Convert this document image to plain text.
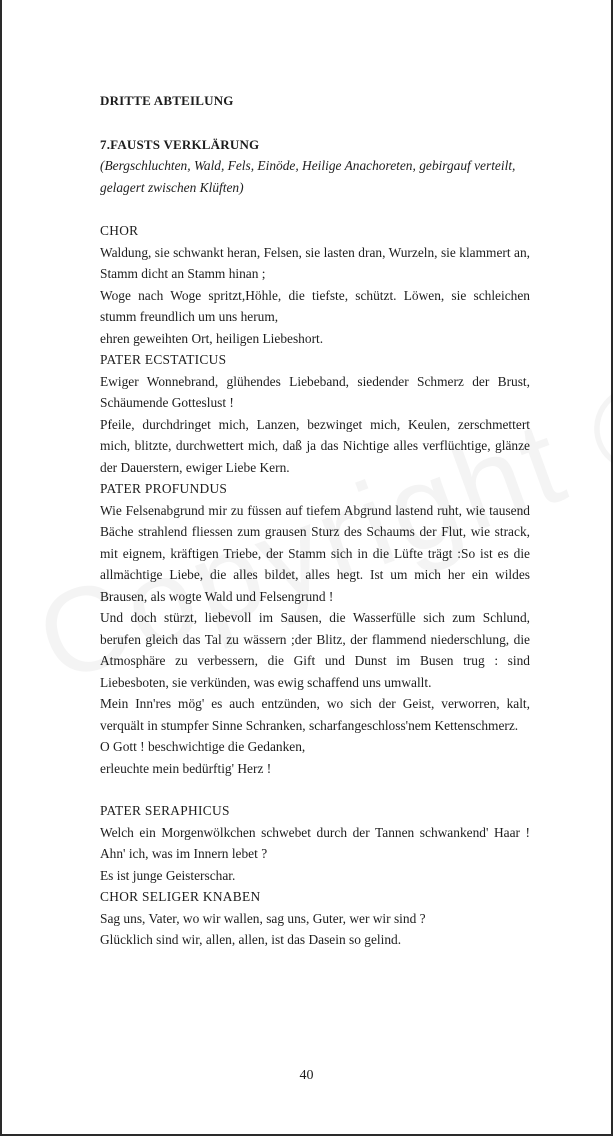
DRITTE ABTEILUNG

7.FAUSTS VERKLÄRUNG

(Bergschluchten, Wald, Fels, Einöde, Heilige Anachoreten, gebirgauf verteilt, gelagert zwischen Klüften)

CHOR

Waldung, sie schwankt heran, Felsen, sie lasten dran, Wurzeln, sie klammert an, Stamm dicht an Stamm hinan ;

Woge nach Woge spritzt,Höhle, die tiefste, schützt. Löwen, sie schleichen stumm freundlich um uns herum,

ehren geweihten Ort, heiligen Liebeshort.

PATER ECSTATICUS

Ewiger Wonnebrand, glühendes Liebeband, siedender Schmerz der Brust, Schäumende Gotteslust !

Pfeile, durchdringet mich, Lanzen, bezwinget mich, Keulen, zerschmettert mich, blitzte, durchwettert mich, daß ja das Nichtige alles verflüchtige, glänze der Dauerstern, ewiger Liebe Kern.

PATER PROFUNDUS

Wie Felsenabgrund mir zu füssen auf tiefem Abgrund lastend ruht, wie tausend Bäche strahlend fliessen zum grausen Sturz des Schaums der Flut, wie strack, mit eignem, kräftigen Triebe, der Stamm sich in die Lüfte trägt :So ist es die allmächtige Liebe, die alles bildet, alles hegt. Ist um mich her ein wildes Brausen, als wogte Wald und Felsengrund !

Und doch stürzt, liebevoll im Sausen, die Wasserfülle sich zum Schlund, berufen gleich das Tal zu wässern ;der Blitz, der flammend niederschlung, die Atmosphäre zu verbessern, die Gift und Dunst im Busen trug : sind Liebesboten, sie verkünden, was ewig schaffend uns umwallt.

Mein Inn'res mög' es auch entzünden, wo sich der Geist, verworren, kalt, verquält in stumpfer Sinne Schranken, scharfangeschloss'nem Kettenschmerz.

O Gott ! beschwichtige die Gedanken,

erleuchte mein bedürftig' Herz !

PATER SERAPHICUS

Welch ein Morgenwölkchen schwebet durch der Tannen schwankend' Haar ! Ahn' ich, was im Innern lebet ?

Es ist junge Geisterschar.

CHOR SELIGER KNABEN

Sag uns, Vater, wo wir wallen, sag uns, Guter, wer wir sind ?

Glücklich sind wir, allen, allen, ist das Dasein so gelind.

40
